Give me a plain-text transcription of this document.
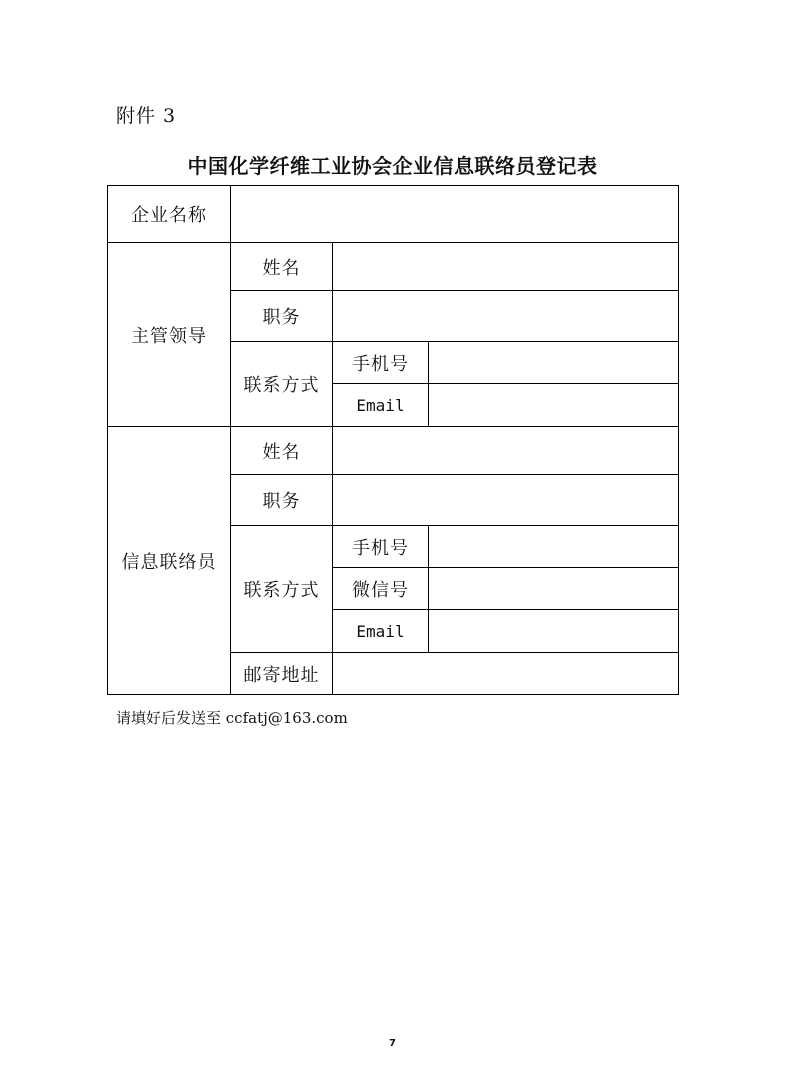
附件 3
中国化学纤维工业协会企业信息联络员登记表
企业名称			
主管领导	姓名		
	职务		
	联系方式	手机号	
		Email	
信息联络员	姓名		
	职务		
	联系方式	手机号	
		微信号	
		Email	
	邮寄地址		
请填好后发送至 ccfatj@163.com
7
